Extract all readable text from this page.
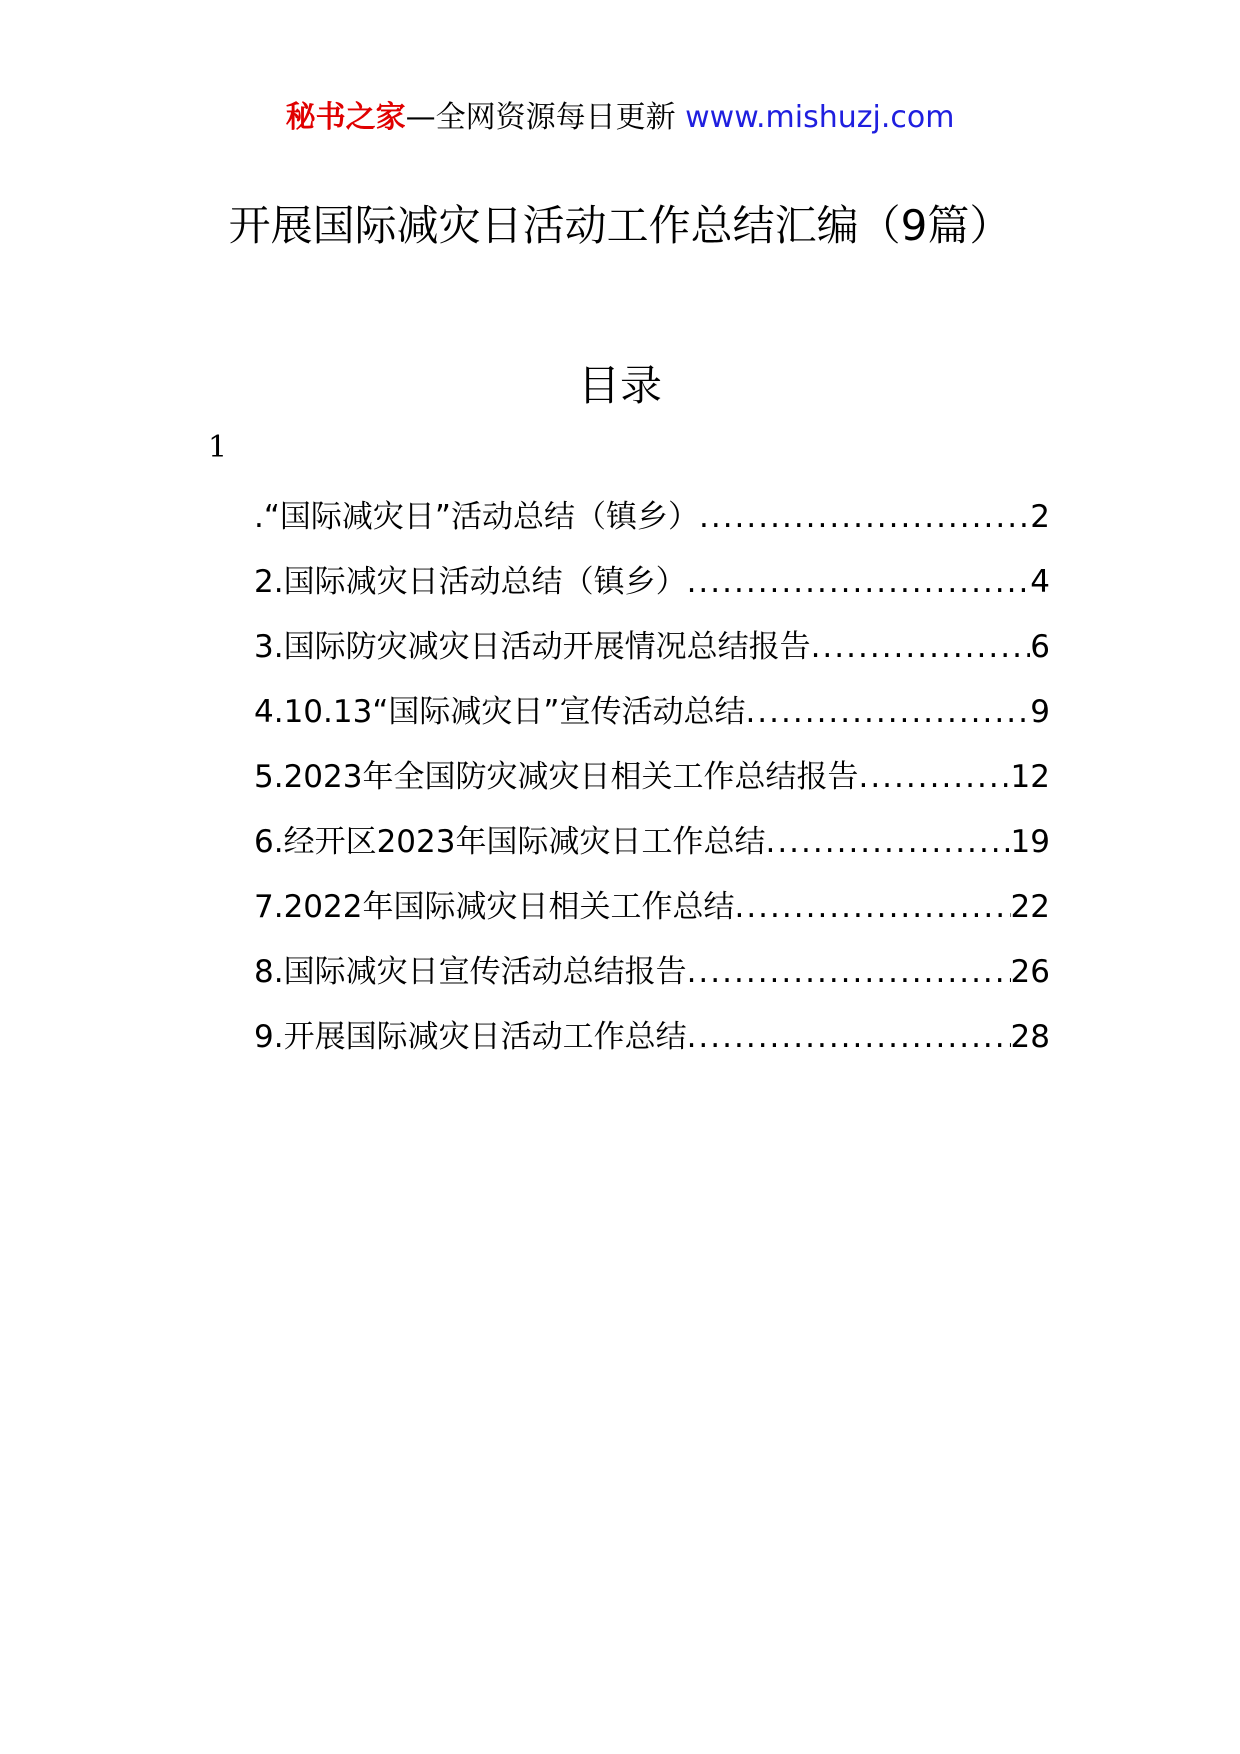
秘书之家—全网资源每日更新 www.mishuzj.com
开展国际减灾日活动工作总结汇编（9篇）
目录
1
.“国际减灾日”活动总结（镇乡） .....	2
2.国际减灾日活动总结（镇乡） .....	4
3.国际防灾减灾日活动开展情况总结报告 .....	6
4.10.13“国际减灾日”宣传活动总结 .....	9
5.2023年全国防灾减灾日相关工作总结报告 .....	12
6.经开区2023年国际减灾日工作总结 .....	19
7.2022年国际减灾日相关工作总结 .....	22
8.国际减灾日宣传活动总结报告 .....	26
9.开展国际减灾日活动工作总结 .....	28
